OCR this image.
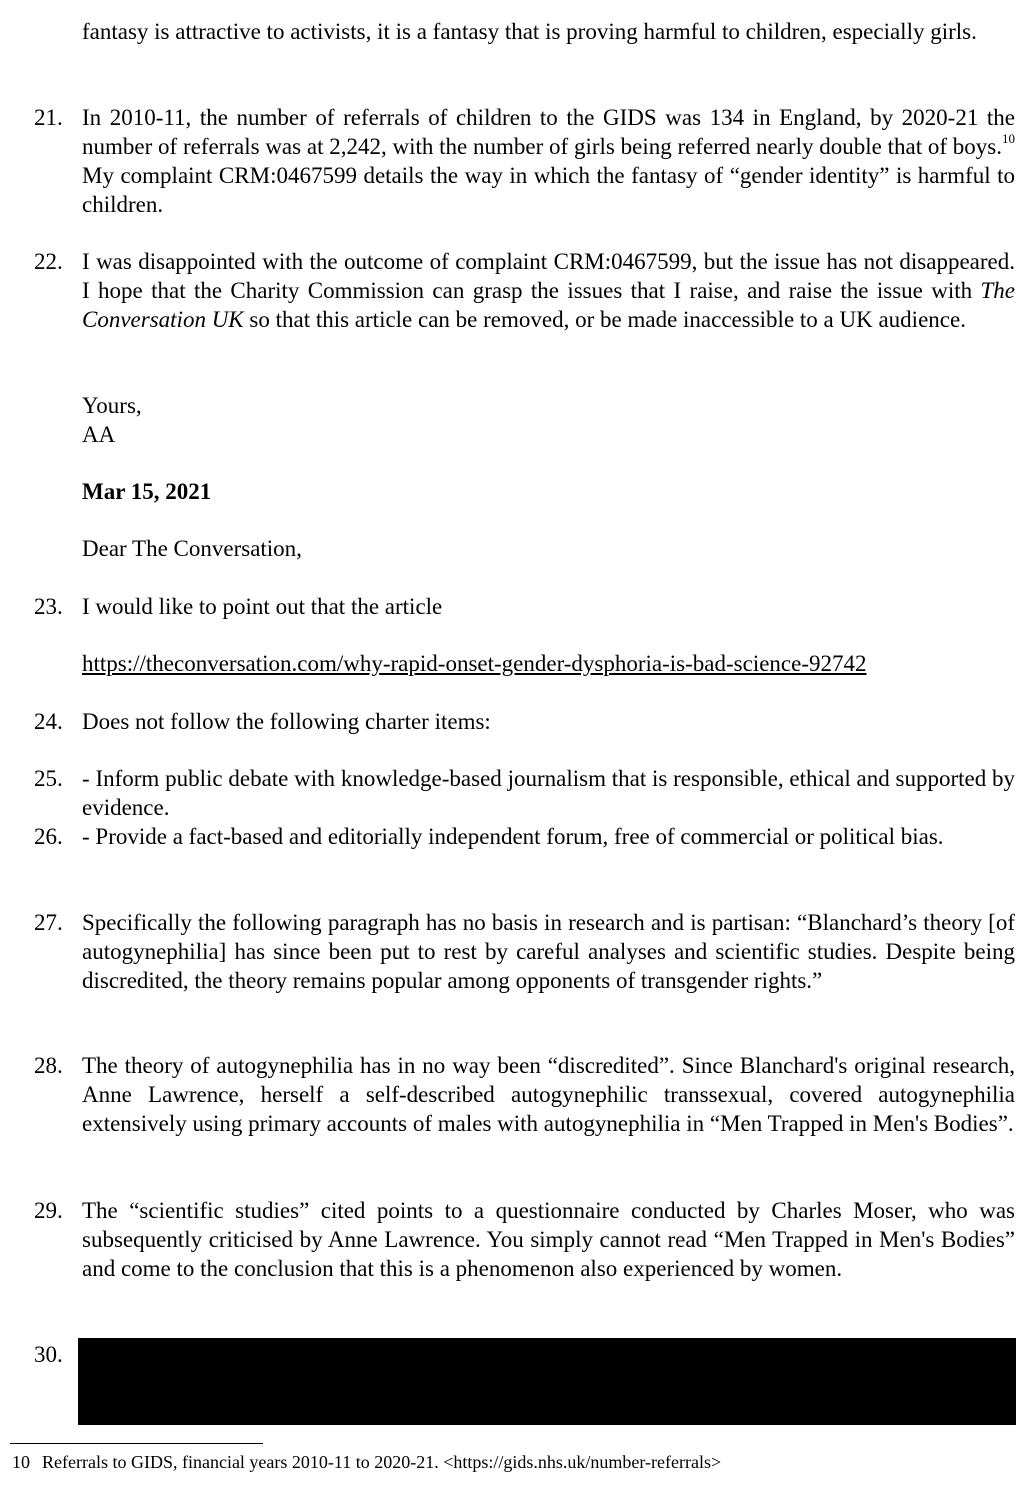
fantasy is attractive to activists, it is a fantasy that is proving harmful to children, especially girls.

21. In 2010-11, the number of referrals of children to the GIDS was 134 in England, by 2020-21 the number of referrals was at 2,242, with the number of girls being referred nearly double that of boys.$^{10}$ My complaint CRM:0467599 details the way in which the fantasy of “gender identity” is harmful to children.

22. I was disappointed with the outcome of complaint CRM:0467599, but the issue has not disappeared. I hope that the Charity Commission can grasp the issues that I raise, and raise the issue with The Conversation UK so that this article can be removed, or be made inaccessible to a UK audience.

Yours,

AA

Mar 15, 2021

Dear The Conversation,

23. I would like to point out that the article

https://theconversation.com/why-rapid-onset-gender-dysphoria-is-bad-science-92742

24. Does not follow the following charter items:

25. - Inform public debate with knowledge-based journalism that is responsible, ethical and supported by evidence.

26. - Provide a fact-based and editorially independent forum, free of commercial or political bias.

27. Specifically the following paragraph has no basis in research and is partisan: “Blanchard’s theory [of autogynephilia] has since been put to rest by careful analyses and scientific studies. Despite being discredited, the theory remains popular among opponents of transgender rights.”

28. The theory of autogynephilia has in no way been “discredited”. Since Blanchard's original research, Anne Lawrence, herself a self-described autogynephilic transsexual, covered autogynephilia extensively using primary accounts of males with autogynephilia in “Men Trapped in Men's Bodies”.

29. The “scientific studies” cited points to a questionnaire conducted by Charles Moser, who was subsequently criticised by Anne Lawrence. You simply cannot read “Men Trapped in Men's Bodies” and come to the conclusion that this is a phenomenon also experienced by women.

30.

10 Referrals to GIDS, financial years 2010-11 to 2020-21. <https://gids.nhs.uk/number-referrals>
